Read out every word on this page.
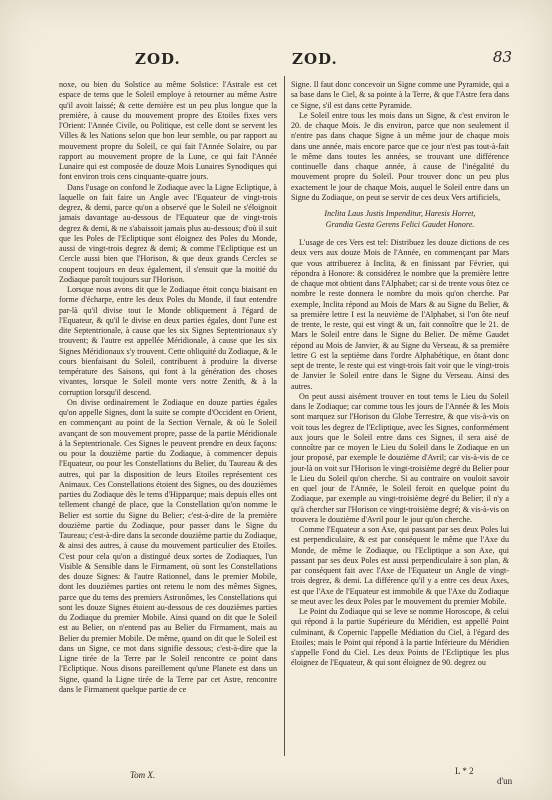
ZOD.	ZOD.	83

noxe, ou bien du Solstice au même Solstice: l'Astrale est cet espace de tems que le Soleil employe à retourner au même Astre qu'il avoit laissé; & cette dernière est un peu plus longue que la première, à cause du mouvement propre des Etoiles fixes vers l'Orient: l'Année Civile, ou Politique, est celle dont se servent les Villes & les Nations selon que bon leur semble, ou par rapport au mouvement propre du Soleil, ce qui fait l'Année Solaire, ou par rapport au mouvement propre de la Lune, ce qui fait l'Année Lunaire qui est composée de douze Mois Lunaires Synodiques qui font environ trois cens cinquante-quatre jours.

Dans l'usage on confond le Zodiaque avec la Ligne Ecliptique, à laquelle on fait faire un Angle avec l'Equateur de vingt-trois degrez, & demi, parce qu'on a observé que le Soleil ne s'éloignoit jamais davantage au-dessous de l'Equateur que de vingt-trois degrez & demi, & ne s'abaissoit jamais plus au-dessous; d'où il suit que les Poles de l'Ecliptique sont éloignez des Poles du Monde, aussi de vingt-trois degrez & demi; & comme l'Ecliptique est un Cercle aussi bien que l'Horison, & que deux grands Cercles se coupent toujours en deux également, il s'ensuit que la moitié du Zodiaque paroît toujours sur l'Horison.

Lorsque nous avons dit que le Zodiaque étoit conçu biaisant en forme d'écharpe, entre les deux Poles du Monde, il faut entendre par-là qu'il divise tout le Monde obliquement à l'égard de l'Equateur, & qu'il le divise en deux parties égales, dont l'une est dite Septentrionale, à cause que les six Signes Septentrionaux s'y trouvent; & l'autre est appellée Méridionale, à cause que les six Signes Méridionaux s'y trouvent. Cette obliquité du Zodiaque, & le cours bienfaisant du Soleil, contribuent à produire la diverse température des Saisons, qui font à la génération des choses vivantes, lorsque le Soleil monte vers notre Zenith, & à la corruption lorsqu'il descend.

On divise ordinairement le Zodiaque en douze parties égales qu'on appelle Signes, dont la suite se compte d'Occident en Orient, en commençant au point de la Section Vernale, & où le Soleil avançant de son mouvement propre, passe de la partie Méridionale à la Septentrionale. Ces Signes le peuvent prendre en deux façons: ou pour la douzième partie du Zodiaque, à commencer depuis l'Equateur, ou pour les Constellations du Belier, du Taureau & des autres, qui par la disposition de leurs Etoiles représentent ces Animaux. Ces Constellations étoient des Signes, ou des douzièmes parties du Zodiaque dès le tems d'Hipparque; mais depuis elles ont tellement changé de place, que la Constellation qu'on nomme le Belier est sortie du Signe du Belier; c'est-à-dire de la première douzième partie du Zodiaque, pour passer dans le Signe du Taureau; c'est-à-dire dans la seconde douzième partie du Zodiaque, & ainsi des autres, à cause du mouvement particulier des Etoiles. C'est pour cela qu'on a distingué deux sortes de Zodiaques, l'un Visible & Sensible dans le Firmament, où sont les Constellations des douze Signes: & l'autre Rationnel, dans le premier Mobile, dont les douzièmes parties ont retenu le nom des mêmes Signes, parce que du tems des premiers Astronômes, les Constellations qui sont les douze Signes étoient au-dessous de ces douzièmes parties du Zodiaque du premier Mobile. Ainsi quand on dit que le Soleil est au Belier, on n'entend pas au Belier du Firmament, mais au Belier du premier Mobile. De même, quand on dit que le Soleil est dans un Signe, ce mot dans signifie dessous; c'est-à-dire que la Ligne tirée de la Terre par le Soleil rencontre ce point dans l'Ecliptique. Nous disons pareillement qu'une Planete est dans un Signe, quand la Ligne tirée de la Terre par cet Astre, rencontre dans le Firmament quelque partie de ce

Signe. Il faut donc concevoir un Signe comme une Pyramide, qui a sa base dans le Ciel, & sa pointe à la Terre, & que l'Astre fera dans ce Signe, s'il est dans cette Pyramide.

Le Soleil entre tous les mois dans un Signe, & c'est environ le 20. de chaque Mois. Je dis environ, parce que non seulement il n'entre pas dans chaque Signe à un même jour de chaque mois dans une année, mais encore parce que ce jour n'est pas tout-à-fait le même dans toutes les années, se trouvant une différence continuelle dans chaque année, à cause de l'inégalité du mouvement propre du Soleil. Pour trouver donc un peu plus exactement le jour de chaque Mois, auquel le Soleil entre dans un Signe du Zodiaque, on peut se servir de ces deux Vers artificiels,

Inclita Laus Justis Impenditur, Haresis Horret,
Grandia Gesta Gerens Felici Gaudet Honore.

L'usage de ces Vers est tel: Distribuez les douze dictions de ces deux vers aux douze Mois de l'Année, en commençant par Mars que vous attribuerez à Inclita, & en finissant par Février, qui répondra à Honore: & considérez le nombre que la première lettre de chaque mot obtient dans l'Alphabet; car si de trente vous ôtez ce nombre le reste donnera le nombre du mois qu'on cherche. Par exemple, Inclita répond au Mois de Mars & au Signe du Belier, & sa première lettre I est la neuvième de l'Alphabet, si l'on ôte neuf de trente, le reste, qui est vingt & un, fait connoître que le 21. de Mars le Soleil entre dans le Signe du Belier. De même Gaudet répond au Mois de Janvier, & au Signe du Verseau, & sa première lettre G est la septième dans l'ordre Alphabétique, en ôtant donc sept de trente, le reste qui est vingt-trois fait voir que le vingt-trois de Janvier le Soleil entre dans le Signe du Verseau. Ainsi des autres.

On peut aussi aisément trouver en tout tems le Lieu du Soleil dans le Zodiaque; car comme tous les jours de l'Année & les Mois sont marquez sur l'Horison du Globe Terrestre, & que vis-à-vis on voit tous les degrez de l'Ecliptique, avec les Signes, conformément aux jours que le Soleil entre dans ces Signes, il sera aisé de connoître par ce moyen le Lieu du Soleil dans le Zodiaque en un jour proposé, par exemple le douzième d'Avril; car vis-à-vis de ce jour-là on voit sur l'Horison le vingt-troisième degré du Belier pour le Lieu du Soleil qu'on cherche. Si au contraire on vouloit savoir en quel jour de l'Année, le Soleil feroit en quelque point du Zodiaque, par exemple au vingt-troisième degré du Belier; il n'y a qu'à chercher sur l'Horison ce vingt-troisième degré; & vis-à-vis on trouvera le douzième d'Avril pour le jour qu'on cherche.

Comme l'Equateur a son Axe, qui passant par ses deux Poles lui est perpendiculaire, & est par conséquent le même que l'Axe du Monde, de même le Zodiaque, ou l'Ecliptique a son Axe, qui passant par ses deux Poles est aussi perpendiculaire à son plan, & par conséquent fait avec l'Axe de l'Equateur un Angle de vingt-trois degrez, & demi. La différence qu'il y a entre ces deux Axes, est que l'Axe de l'Equateur est immobile & que l'Axe du Zodiaque se meut avec les deux Poles par le mouvement du premier Mobile.

Le Point du Zodiaque qui se leve se nomme Horoscope, & celui qui répond à la partie Supérieure du Méridien, est appellé Point culminant, & Copernic l'appelle Médiation du Ciel, à l'égard des Etoiles; mais le Point qui répond à la partie Inférieure du Méridien s'appelle Fond du Ciel. Les deux Points de l'Ecliptique les plus éloignez de l'Equateur, & qui sont éloignez de 90. degrez ou

Tom X.	L * 2
d'un
